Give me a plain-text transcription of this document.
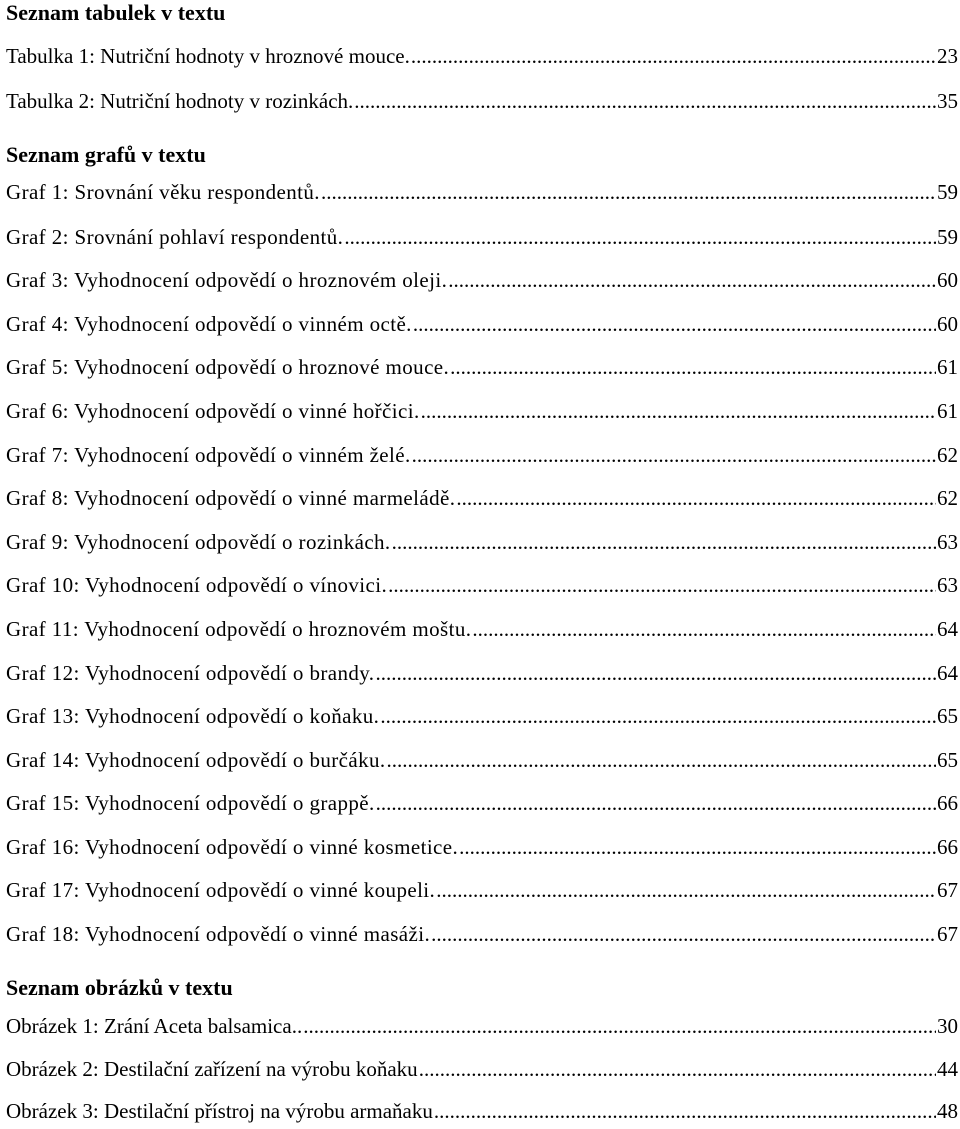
Seznam tabulek v textu
Tabulka 1: Nutriční hodnoty v hroznové mouce. .....	23
Tabulka 2: Nutriční hodnoty v rozinkách. .....	35
Seznam grafů v textu
Graf 1: Srovnání věku respondentů. .....	59
Graf 2: Srovnání pohlaví respondentů. .....	59
Graf 3: Vyhodnocení odpovědí o hroznovém oleji. .....	60
Graf 4: Vyhodnocení odpovědí o vinném octě. .....	60
Graf 5: Vyhodnocení odpovědí o hroznové mouce. .....	61
Graf 6: Vyhodnocení odpovědí o vinné hořčici. .....	61
Graf 7: Vyhodnocení odpovědí o vinném želé. .....	62
Graf 8: Vyhodnocení odpovědí o vinné marmeládě. .....	62
Graf 9: Vyhodnocení odpovědí o rozinkách. .....	63
Graf 10: Vyhodnocení odpovědí o vínovici. .....	63
Graf 11: Vyhodnocení odpovědí o hroznovém moštu. .....	64
Graf 12: Vyhodnocení odpovědí o brandy. .....	64
Graf 13: Vyhodnocení odpovědí o koňaku. .....	65
Graf 14: Vyhodnocení odpovědí o burčáku. .....	65
Graf 15: Vyhodnocení odpovědí o grappě. .....	66
Graf 16: Vyhodnocení odpovědí o vinné kosmetice. .....	66
Graf 17: Vyhodnocení odpovědí o vinné koupeli. .....	67
Graf 18: Vyhodnocení odpovědí o vinné masáži. .....	67
Seznam obrázků v textu
Obrázek 1: Zrání Aceta balsamica.. .....	30
Obrázek 2: Destilační zařízení na výrobu koňaku .....	44
Obrázek 3: Destilační přístroj na výrobu armaňaku .....	48
